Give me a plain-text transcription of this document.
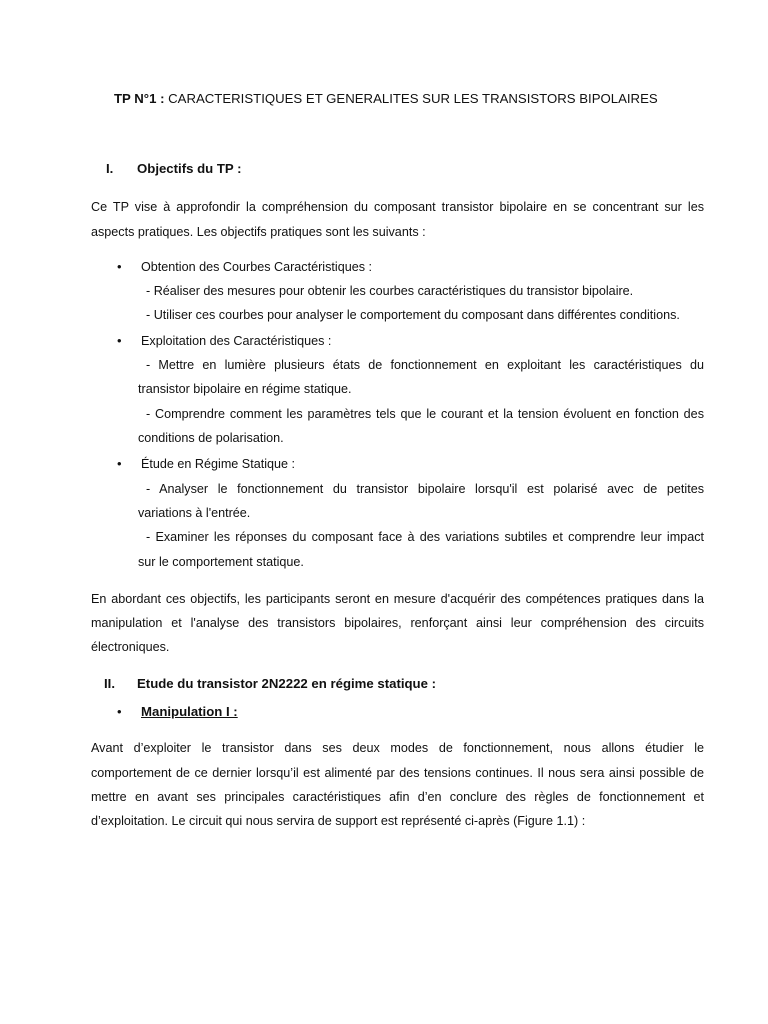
TP N°1 : CARACTERISTIQUES ET GENERALITES SUR LES TRANSISTORS BIPOLAIRES
I. Objectifs du TP :
Ce TP vise à approfondir la compréhension du composant transistor bipolaire en se concentrant sur les
aspects pratiques. Les objectifs pratiques sont les suivants :
•	Obtention des Courbes Caractéristiques :
- Réaliser des mesures pour obtenir les courbes caractéristiques du transistor bipolaire.
- Utiliser ces courbes pour analyser le comportement du composant dans différentes conditions.
•	Exploitation des Caractéristiques :
- Mettre en lumière plusieurs états de fonctionnement en exploitant les caractéristiques du
transistor bipolaire en régime statique.
- Comprendre comment les paramètres tels que le courant et la tension évoluent en fonction des
conditions de polarisation.
•	Étude en Régime Statique :
- Analyser le fonctionnement du transistor bipolaire lorsqu'il est polarisé avec de petites
variations à l'entrée.
- Examiner les réponses du composant face à des variations subtiles et comprendre leur impact
sur le comportement statique.
En abordant ces objectifs, les participants seront en mesure d'acquérir des compétences pratiques dans la
manipulation et l'analyse des transistors bipolaires, renforçant ainsi leur compréhension des circuits
électroniques.
II. Etude du transistor 2N2222 en régime statique :
•	Manipulation I :
Avant d’exploiter le transistor dans ses deux modes de fonctionnement, nous allons étudier le
comportement de ce dernier lorsqu’il est alimenté par des tensions continues. Il nous sera ainsi possible de
mettre en avant ses principales caractéristiques afin d’en conclure des règles de fonctionnement et
d’exploitation. Le circuit qui nous servira de support est représenté ci-après (Figure 1.1) :
